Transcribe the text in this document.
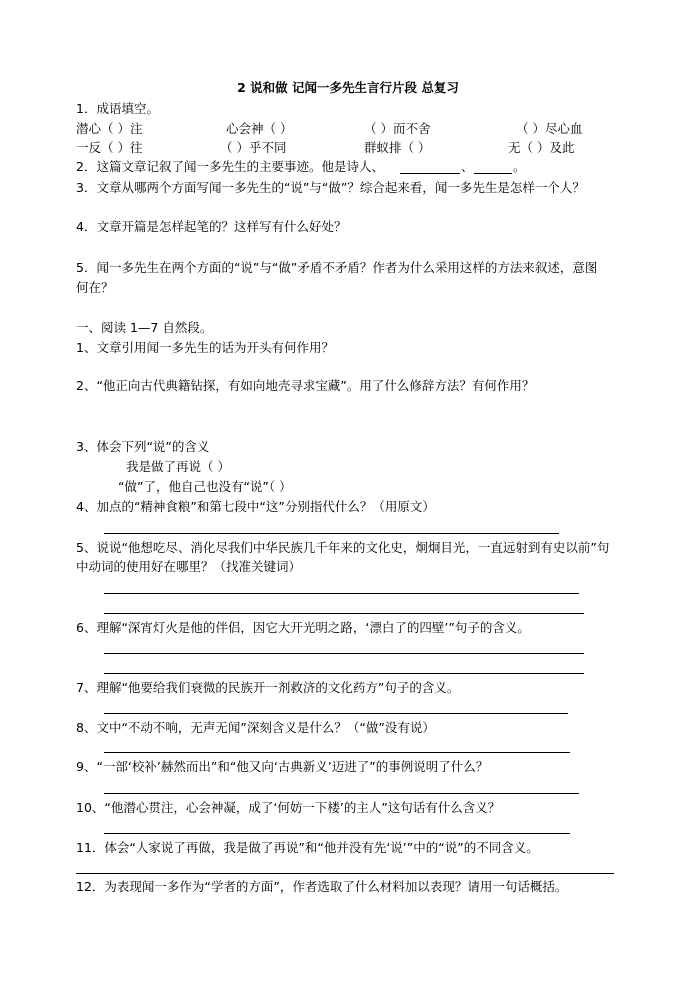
2 说和做 记闻一多先生言行片段 总复习
1．成语填空。
潜心（ ）注	心会神（ ）	（ ）而不舍	（ ）尽心血
一反（ ）往	（ ）乎不同	群蚁排（ ）	无（ ）及此
2．这篇文章记叙了闻一多先生的主要事迹。他是诗人、	、	。
3．文章从哪两个方面写闻一多先生的“说”与“做”？综合起来看，闻一多先生是怎样一个人？
4．文章开篇是怎样起笔的？这样写有什么好处？
5．闻一多先生在两个方面的“说”与“做”矛盾不矛盾？作者为什么采用这样的方法来叙述，意图
何在？
一、阅读 1—7 自然段。
1、文章引用闻一多先生的话为开头有何作用？
2、“他正向古代典籍钻探，有如向地壳寻求宝藏”。用了什么修辞方法？有何作用？
3、体会下列“说”的含义
我是做了再说（ ）
“做”了，他自己也没有“说”（ ）
4、加点的“精神食粮”和第七段中“这”分别指代什么？（用原文）
5、说说“他想吃尽、消化尽我们中华民族几千年来的文化史，炯炯目光，一直远射到有史以前”句
中动词的使用好在哪里？（找准关键词）
6、理解“深宵灯火是他的伴侣，因它大开光明之路，‘漂白了的四壁’”句子的含义。
7、理解“他要给我们衰微的民族开一剂救济的文化药方”句子的含义。
8、文中“不动不响，无声无闻”深刻含义是什么？（“做”没有说）
9、“一部‘校补’赫然而出”和“他又向‘古典新义’迈进了”的事例说明了什么？
10、“他潜心贯注，心会神凝，成了‘何妨一下楼’的主人”这句话有什么含义？
11．体会“人家说了再做，我是做了再说”和“他并没有先‘说’”中的“说”的不同含义。
12．为表现闻一多作为“学者的方面”，作者选取了什么材料加以表现？请用一句话概括。
